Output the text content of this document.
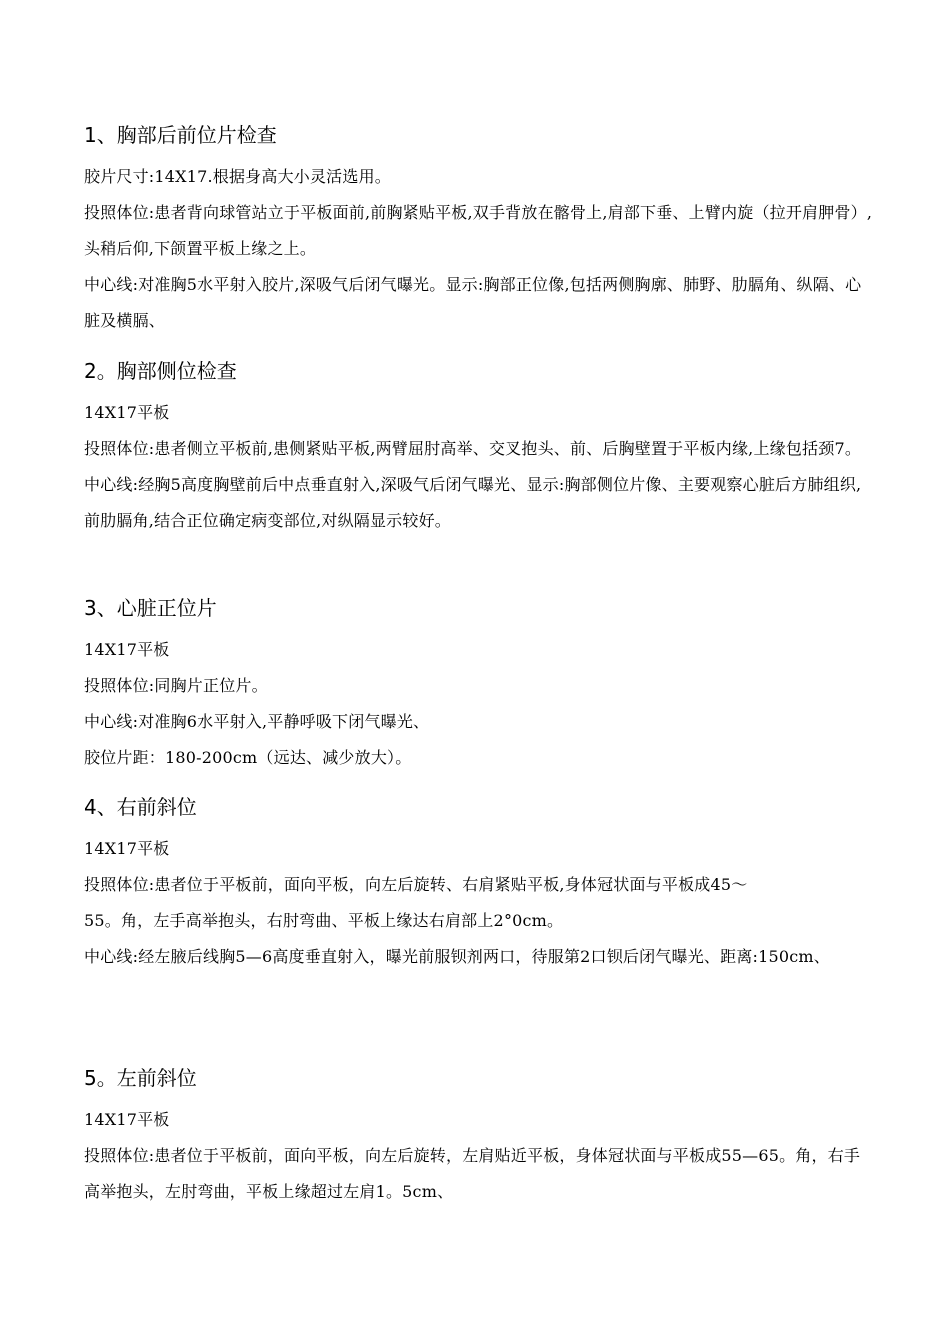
1、胸部后前位片检查

胶片尺寸:14X17.根据身高大小灵活选用。

投照体位:患者背向球管站立于平板面前,前胸紧贴平板,双手背放在髂骨上,肩部下垂、上臂内旋（拉开肩胛骨）,头稍后仰,下颌置平板上缘之上。

中心线:对准胸5水平射入胶片,深吸气后闭气曝光。显示:胸部正位像,包括两侧胸廓、肺野、肋膈角、纵隔、心脏及横膈、

2。胸部侧位检查

14X17平板

投照体位:患者侧立平板前,患侧紧贴平板,两臂屈肘高举、交叉抱头、前、后胸壁置于平板内缘,上缘包括颈7。

中心线:经胸5高度胸壁前后中点垂直射入,深吸气后闭气曝光、显示:胸部侧位片像、主要观察心脏后方肺组织,前肋膈角,结合正位确定病变部位,对纵隔显示较好。

3、心脏正位片

14X17平板

投照体位:同胸片正位片。

中心线:对准胸6水平射入,平静呼吸下闭气曝光、

胶位片距：180-200cm（远达、减少放大）。

4、右前斜位

14X17平板

投照体位:患者位于平板前，面向平板，向左后旋转、右肩紧贴平板,身体冠状面与平板成45〜

55。角，左手高举抱头，右肘弯曲、平板上缘达右肩部上2°0cm。

中心线:经左腋后线胸5—6高度垂直射入，曝光前服钡剂两口，待服第2口钡后闭气曝光、距离:150cm、

5。左前斜位

14X17平板

投照体位:患者位于平板前，面向平板，向左后旋转，左肩贴近平板，身体冠状面与平板成55—65。角，右手高举抱头，左肘弯曲，平板上缘超过左肩1。5cm、
